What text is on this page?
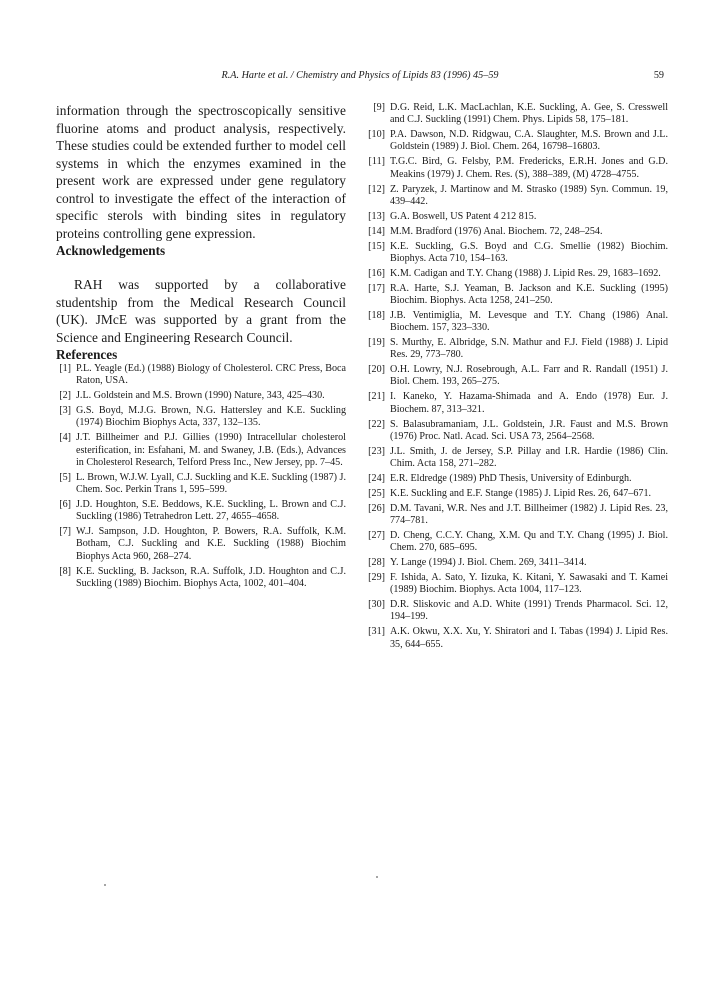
R.A. Harte et al. / Chemistry and Physics of Lipids 83 (1996) 45–59	59

information through the spectroscopically sensitive fluorine atoms and product analysis, respectively. These studies could be extended further to model cell systems in which the enzymes examined in the present work are expressed under gene regulatory control to investigate the effect of the interaction of specific sterols with binding sites in regulatory proteins controlling gene expression.

Acknowledgements

RAH was supported by a collaborative studentship from the Medical Research Council (UK). JMcE was supported by a grant from the Science and Engineering Research Council.

References
[1] P.L. Yeagle (Ed.) (1988) Biology of Cholesterol. CRC Press, Boca Raton, USA.
[2] J.L. Goldstein and M.S. Brown (1990) Nature, 343, 425–430.
[3] G.S. Boyd, M.J.G. Brown, N.G. Hattersley and K.E. Suckling (1974) Biochim Biophys Acta, 337, 132–135.
[4] J.T. Billheimer and P.J. Gillies (1990) Intracellular cholesterol esterification, in: Esfahani, M. and Swaney, J.B. (Eds.), Advances in Cholesterol Research, Telford Press Inc., New Jersey, pp. 7–45.
[5] L. Brown, W.J.W. Lyall, C.J. Suckling and K.E. Suckling (1987) J. Chem. Soc. Perkin Trans 1, 595–599.
[6] J.D. Houghton, S.E. Beddows, K.E. Suckling, L. Brown and C.J. Suckling (1986) Tetrahedron Lett. 27, 4655–4658.
[7] W.J. Sampson, J.D. Houghton, P. Bowers, R.A. Suffolk, K.M. Botham, C.J. Suckling and K.E. Suckling (1988) Biochim Biophys Acta 960, 268–274.
[8] K.E. Suckling, B. Jackson, R.A. Suffolk, J.D. Houghton and C.J. Suckling (1989) Biochim. Biophys Acta, 1002, 401–404.
[9] D.G. Reid, L.K. MacLachlan, K.E. Suckling, A. Gee, S. Cresswell and C.J. Suckling (1991) Chem. Phys. Lipids 58, 175–181.
[10] P.A. Dawson, N.D. Ridgwau, C.A. Slaughter, M.S. Brown and J.L. Goldstein (1989) J. Biol. Chem. 264, 16798–16803.
[11] T.G.C. Bird, G. Felsby, P.M. Fredericks, E.R.H. Jones and G.D. Meakins (1979) J. Chem. Res. (S), 388–389, (M) 4728–4755.
[12] Z. Paryzek, J. Martinow and M. Strasko (1989) Syn. Commun. 19, 439–442.
[13] G.A. Boswell, US Patent 4 212 815.
[14] M.M. Bradford (1976) Anal. Biochem. 72, 248–254.
[15] K.E. Suckling, G.S. Boyd and C.G. Smellie (1982) Biochim. Biophys. Acta 710, 154–163.
[16] K.M. Cadigan and T.Y. Chang (1988) J. Lipid Res. 29, 1683–1692.
[17] R.A. Harte, S.J. Yeaman, B. Jackson and K.E. Suckling (1995) Biochim. Biophys. Acta 1258, 241–250.
[18] J.B. Ventimiglia, M. Levesque and T.Y. Chang (1986) Anal. Biochem. 157, 323–330.
[19] S. Murthy, E. Albridge, S.N. Mathur and F.J. Field (1988) J. Lipid Res. 29, 773–780.
[20] O.H. Lowry, N.J. Rosebrough, A.L. Farr and R. Randall (1951) J. Biol. Chem. 193, 265–275.
[21] I. Kaneko, Y. Hazama-Shimada and A. Endo (1978) Eur. J. Biochem. 87, 313–321.
[22] S. Balasubramaniam, J.L. Goldstein, J.R. Faust and M.S. Brown (1976) Proc. Natl. Acad. Sci. USA 73, 2564–2568.
[23] J.L. Smith, J. de Jersey, S.P. Pillay and I.R. Hardie (1986) Clin. Chim. Acta 158, 271–282.
[24] E.R. Eldredge (1989) PhD Thesis, University of Edinburgh.
[25] K.E. Suckling and E.F. Stange (1985) J. Lipid Res. 26, 647–671.
[26] D.M. Tavani, W.R. Nes and J.T. Billheimer (1982) J. Lipid Res. 23, 774–781.
[27] D. Cheng, C.C.Y. Chang, X.M. Qu and T.Y. Chang (1995) J. Biol. Chem. 270, 685–695.
[28] Y. Lange (1994) J. Biol. Chem. 269, 3411–3414.
[29] F. Ishida, A. Sato, Y. Iizuka, K. Kitani, Y. Sawasaki and T. Kamei (1989) Biochim. Biophys. Acta 1004, 117–123.
[30] D.R. Sliskovic and A.D. White (1991) Trends Pharmacol. Sci. 12, 194–199.
[31] A.K. Okwu, X.X. Xu, Y. Shiratori and I. Tabas (1994) J. Lipid Res. 35, 644–655.
